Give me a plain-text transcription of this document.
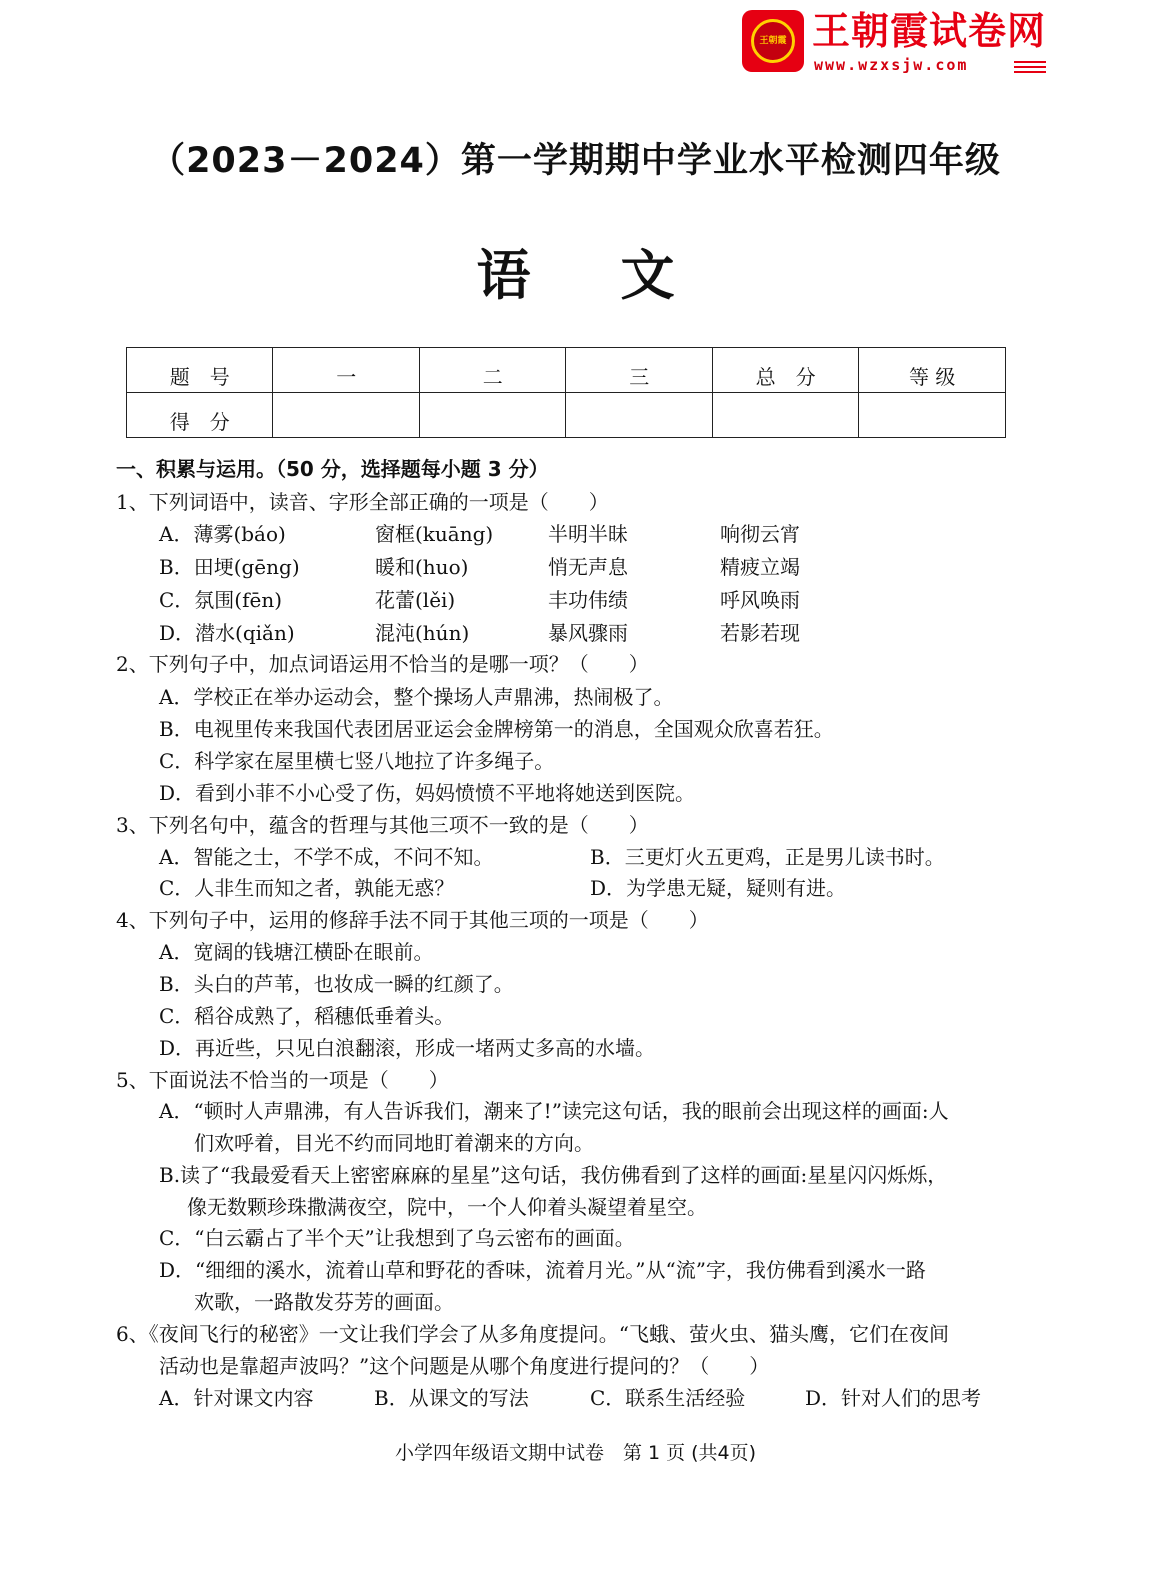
王朝霞 王朝霞试卷网
www.wzxsjw.com
（2023－2024）第一学期期中学业水平检测四年级
语文
题　号	一	二	三	总　分	等 级
得　分					
一、积累与运用。（50 分，选择题每小题 3 分）
1、下列词语中，读音、字形全部正确的一项是（　　）
A．薄雾(báo)	窗框(kuāng)	半明半昧	响彻云宵
B．田埂(gēng)	暖和(huo)	悄无声息	精疲立竭
C．氛围(fēn)	花蕾(lěi)	丰功伟绩	呼风唤雨
D．潜水(qiǎn)	混沌(hún)	暴风骤雨	若影若现
2、下列句子中，加点词语运用不恰当的是哪一项？（　　）
A．学校正在举办运动会，整个操场人声鼎沸，热闹极了。
B．电视里传来我国代表团居亚运会金牌榜第一的消息，全国观众欣喜若狂。
C．科学家在屋里横七竖八地拉了许多绳子。
D．看到小菲不小心受了伤，妈妈愤愤不平地将她送到医院。
3、下列名句中，蕴含的哲理与其他三项不一致的是（　　）
A．智能之士，不学不成，不问不知。	B．三更灯火五更鸡，正是男儿读书时。
C．人非生而知之者，孰能无惑？	D．为学患无疑，疑则有进。
4、下列句子中，运用的修辞手法不同于其他三项的一项是（　　）
A．宽阔的钱塘江横卧在眼前。
B．头白的芦苇，也妆成一瞬的红颜了。
C．稻谷成熟了，稻穗低垂着头。
D．再近些，只见白浪翻滚，形成一堵两丈多高的水墙。
5、下面说法不恰当的一项是（　　）
A．“顿时人声鼎沸，有人告诉我们，潮来了!”读完这句话，我的眼前会出现这样的画面:人
们欢呼着，目光不约而同地盯着潮来的方向。
B.读了“我最爱看天上密密麻麻的星星”这句话，我仿佛看到了这样的画面:星星闪闪烁烁，
像无数颗珍珠撒满夜空，院中，一个人仰着头凝望着星空。
C．“白云霸占了半个天”让我想到了乌云密布的画面。
D．“细细的溪水，流着山草和野花的香味，流着月光。”从“流”字，我仿佛看到溪水一路
欢歌，一路散发芬芳的画面。
6、《夜间飞行的秘密》一文让我们学会了从多角度提问。“飞蛾、萤火虫、猫头鹰，它们在夜间
活动也是靠超声波吗？”这个问题是从哪个角度进行提问的？（　　）
A．针对课文内容	B．从课文的写法	C．联系生活经验	D．针对人们的思考
小学四年级语文期中试卷　第 1 页 (共4页)
